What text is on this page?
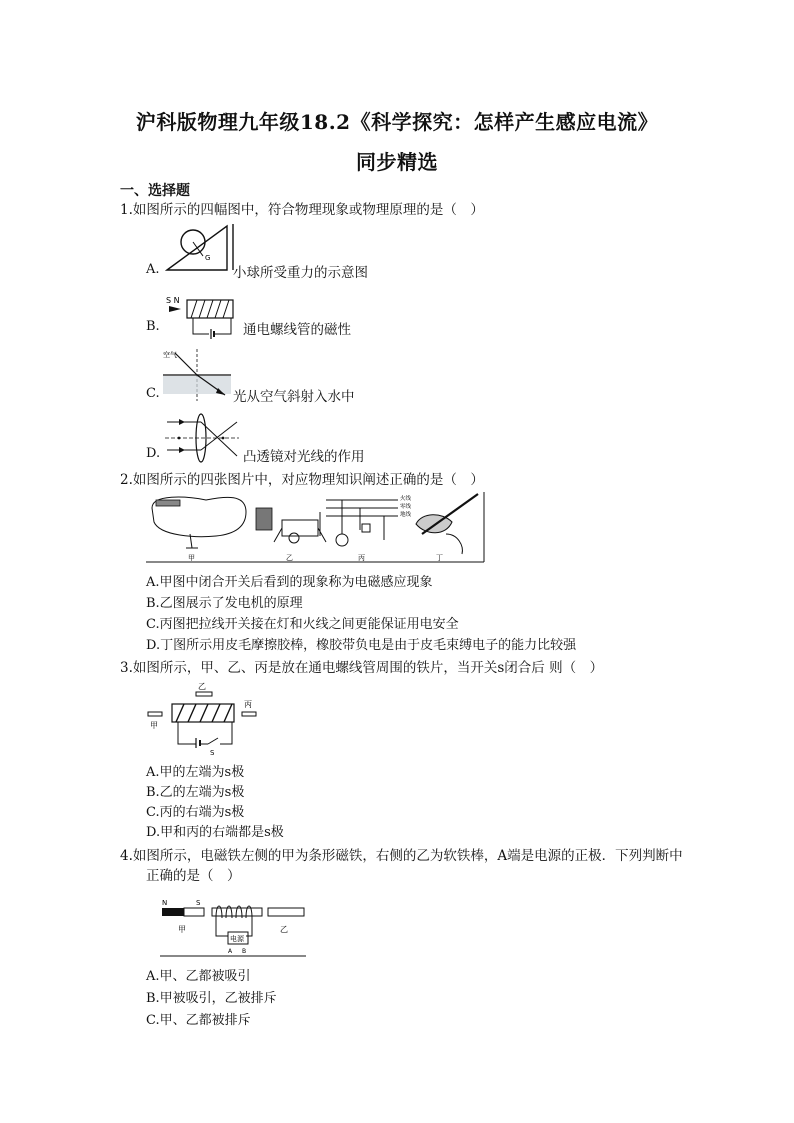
沪科版物理九年级18.2《科学探究：怎样产生感应电流》
同步精选
一、选择题
1.如图所示的四幅图中，符合物理现象或物理原理的是（　）
A.
G
小球所受重力的示意图
B.
S N
通电螺线管的磁性
C.
空气
光从空气斜射入水中
D.	凸透镜对光线的作用
2.如图所示的四张图片中，对应物理知识阐述正确的是（　）
甲	乙
火线
零线
地线
丙	丁
A.甲图中闭合开关后看到的现象称为电磁感应现象
B.乙图展示了发电机的原理
C.丙图把拉线开关接在灯和火线之间更能保证用电安全
D.丁图所示用皮毛摩擦胶棒，橡胶带负电是由于皮毛束缚电子的能力比较强
3.如图所示，甲、乙、丙是放在通电螺线管周围的铁片，当开关s闭合后 则（　）
乙
丙
甲
S
A.甲的左端为s极
B.乙的左端为s极
C.丙的右端为s极
D.甲和丙的右端都是s极
4.如图所示，电磁铁左侧的甲为条形磁铁，右侧的乙为软铁棒，A端是电源的正极．下列判断中
正确的是（　）
N	S
甲	乙
电源
A B
A.甲、乙都被吸引
B.甲被吸引，乙被排斥
C.甲、乙都被排斥
